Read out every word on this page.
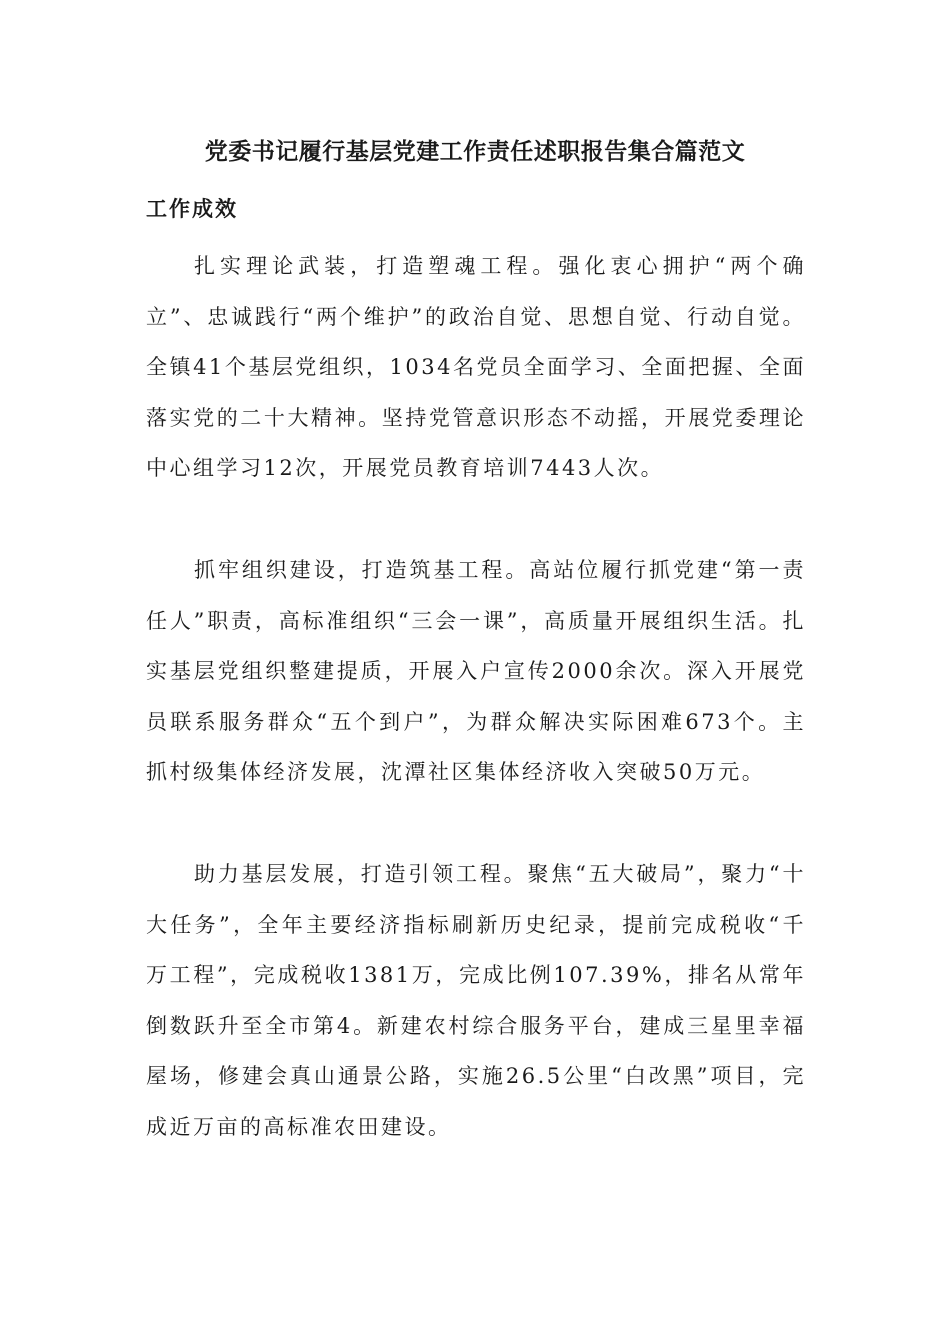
党委书记履行基层党建工作责任述职报告集合篇范文
工作成效

扎实理论武装，打造塑魂工程。强化衷心拥护“两个确立”、忠诚践行“两个维护”的政治自觉、思想自觉、行动自觉。全镇41个基层党组织，1034名党员全面学习、全面把握、全面落实党的二十大精神。坚持党管意识形态不动摇，开展党委理论中心组学习12次，开展党员教育培训7443人次。

抓牢组织建设，打造筑基工程。高站位履行抓党建“第一责任人”职责，高标准组织“三会一课”，高质量开展组织生活。扎实基层党组织整建提质，开展入户宣传2000余次。深入开展党员联系服务群众“五个到户”，为群众解决实际困难673个。主抓村级集体经济发展，沈潭社区集体经济收入突破50万元。

助力基层发展，打造引领工程。聚焦“五大破局”，聚力“十大任务”，全年主要经济指标刷新历史纪录，提前完成税收“千万工程”，完成税收1381万，完成比例107.39%，排名从常年倒数跃升至全市第4。新建农村综合服务平台，建成三星里幸福屋场，修建会真山通景公路，实施26.5公里“白改黑”项目，完成近万亩的高标准农田建设。
